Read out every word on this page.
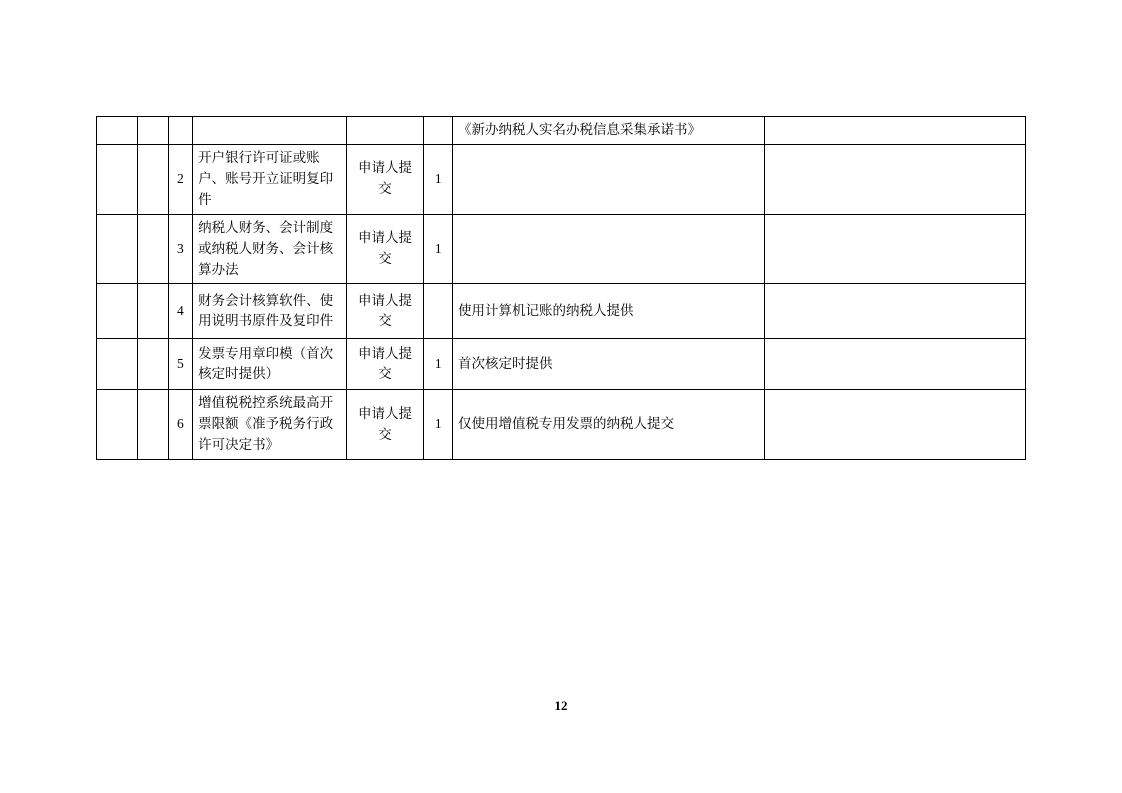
						《新办纳税人实名办税信息采集承诺书》	
		2	开户银行许可证或账户、账号开立证明复印件	申请人提交	1		
		3	纳税人财务、会计制度或纳税人财务、会计核算办法	申请人提交	1		
		4	财务会计核算软件、使用说明书原件及复印件	申请人提交		使用计算机记账的纳税人提供	
		5	发票专用章印模（首次核定时提供）	申请人提交	1	首次核定时提供	
		6	增值税税控系统最高开票限额《准予税务行政许可决定书》	申请人提交	1	仅使用增值税专用发票的纳税人提交	
12
